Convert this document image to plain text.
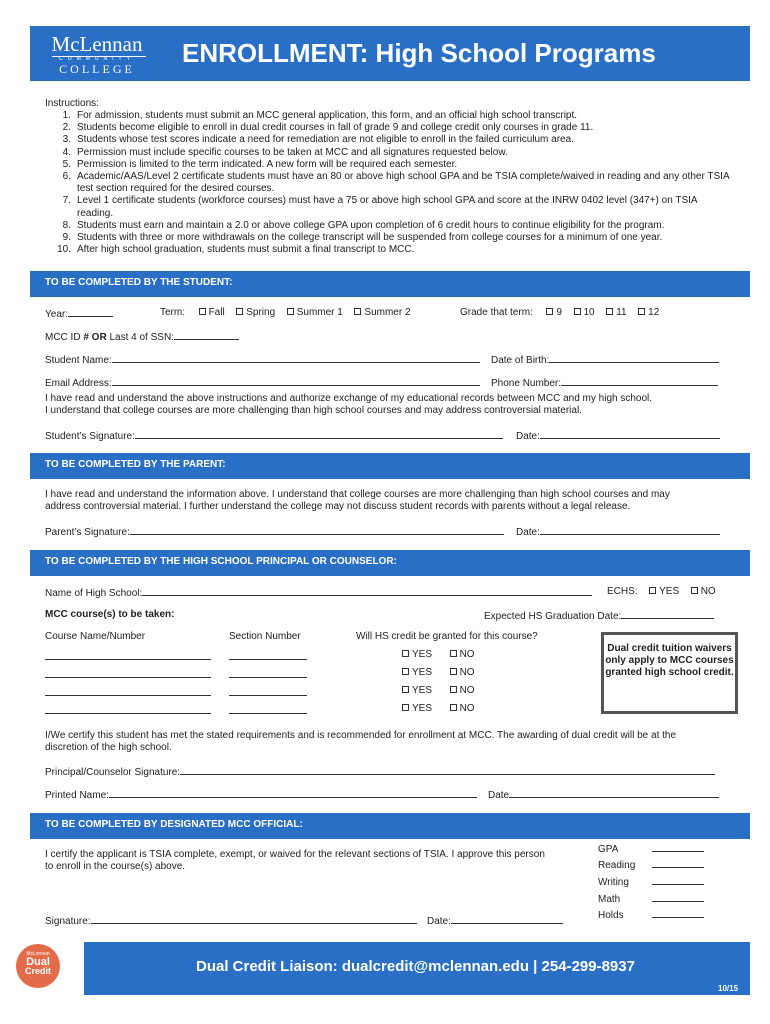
McLennan
COMMUNITY
COLLEGE
ENROLLMENT: High School Programs
Instructions:
1. For admission, students must submit an MCC general application, this form, and an official high school transcript.
2. Students become eligible to enroll in dual credit courses in fall of grade 9 and college credit only courses in grade 11.
3. Students whose test scores indicate a need for remediation are not eligible to enroll in the failed curriculum area.
4. Permission must include specific courses to be taken at MCC and all signatures requested below.
5. Permission is limited to the term indicated. A new form will be required each semester.
6. Academic/AAS/Level 2 certificate students must have an 80 or above high school GPA and be TSIA complete/waived in reading and any other TSIA test section required for the desired courses.
7. Level 1 certificate students (workforce courses) must have a 75 or above high school GPA and score at the INRW 0402 level (347+) on TSIA reading.
8. Students must earn and maintain a 2.0 or above college GPA upon completion of 6 credit hours to continue eligibility for the program.
9. Students with three or more withdrawals on the college transcript will be suspended from college courses for a minimum of one year.
10. After high school graduation, students must submit a final transcript to MCC.
TO BE COMPLETED BY THE STUDENT:
Year:	Term: Fall Spring Summer 1 Summer 2	Grade that term: 9 10 11 12
MCC ID # OR Last 4 of SSN:
Student Name:	Date of Birth:
Email Address:	Phone Number:
I have read and understand the above instructions and authorize exchange of my educational records between MCC and my high school.
I understand that college courses are more challenging than high school courses and may address controversial material.
Student’s Signature:	Date:
TO BE COMPLETED BY THE PARENT:
I have read and understand the information above. I understand that college courses are more challenging than high school courses and may
address controversial material. I further understand the college may not discuss student records with parents without a legal release.
Parent’s Signature:	Date:
TO BE COMPLETED BY THE HIGH SCHOOL PRINCIPAL OR COUNSELOR:
Name of High School:	ECHS: YES NO
MCC course(s) to be taken:	Expected HS Graduation Date:
Course Name/Number	Section Number	Will HS credit be granted for this course?
YES	NO
YES	NO
YES	NO
YES	NO
Dual credit tuition waivers only apply to MCC courses granted high school credit.
I/We certify this student has met the stated requirements and is recommended for enrollment at MCC. The awarding of dual credit will be at the
discretion of the high school.
Principal/Counselor Signature:
Printed Name:	Date
TO BE COMPLETED BY DESIGNATED MCC OFFICIAL:
I certify the applicant is TSIA complete, exempt, or waived for the relevant sections of TSIA. I approve this person
to enroll in the course(s) above.
GPA
Reading
Writing
Math
Holds
Signature:	Date:
Dual Credit Liaison: dualcredit@mclennan.edu | 254-299-8937
McLennan
Dual
Credit
10/15
